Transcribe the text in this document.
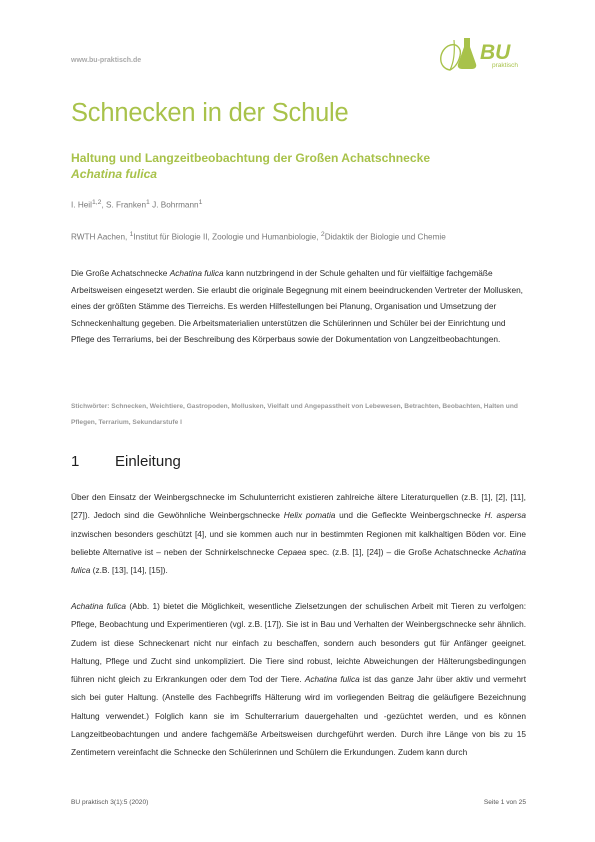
www.bu-praktisch.de	BU
praktisch
Schnecken in der Schule
Haltung und Langzeitbeobachtung der Großen Achatschnecke
Achatina fulica
I. Heil$^{1,2}$, S. Franken$^1$ J. Bohrmann$^1$
RWTH Aachen, $^1$Institut für Biologie II, Zoologie und Humanbiologie, $^2$Didaktik der Biologie und Chemie

Die Große Achatschnecke Achatina fulica kann nutzbringend in der Schule gehalten und für vielfältige fachgemäße Arbeitsweisen eingesetzt werden. Sie erlaubt die originale Begegnung mit einem beeindruckenden Vertreter der Mollusken, eines der größten Stämme des Tierreichs. Es werden Hilfestellungen bei Planung, Organisation und Umsetzung der Schneckenhaltung gegeben. Die Arbeitsmaterialien unterstützen die Schülerinnen und Schüler bei der Einrichtung und Pflege des Terrariums, bei der Beschreibung des Körperbaus sowie der Dokumentation von Langzeitbeobachtungen.

Stichwörter: Schnecken, Weichtiere, Gastropoden, Mollusken, Vielfalt und Angepasstheit von Lebewesen, Betrachten, Beobachten, Halten und Pflegen, Terrarium, Sekundarstufe I

1 Einleitung

Über den Einsatz der Weinbergschnecke im Schulunterricht existieren zahlreiche ältere Literaturquellen (z.B. [1], [2], [11], [27]). Jedoch sind die Gewöhnliche Weinbergschnecke Helix pomatia und die Gefleckte Weinbergschnecke H. aspersa inzwischen besonders geschützt [4], und sie kommen auch nur in bestimmten Regionen mit kalkhaltigen Böden vor. Eine beliebte Alternative ist – neben der Schnirkelschnecke Cepaea spec. (z.B. [1], [24]) – die Große Achatschnecke Achatina fulica (z.B. [13], [14], [15]).

Achatina fulica (Abb. 1) bietet die Möglichkeit, wesentliche Zielsetzungen der schulischen Arbeit mit Tieren zu verfolgen: Pflege, Beobachtung und Experimentieren (vgl. z.B. [17]). Sie ist in Bau und Verhalten der Weinbergschnecke sehr ähnlich. Zudem ist diese Schneckenart nicht nur einfach zu beschaffen, sondern auch besonders gut für Anfänger geeignet. Haltung, Pflege und Zucht sind unkompliziert. Die Tiere sind robust, leichte Abweichungen der Hälterungsbedingungen führen nicht gleich zu Erkrankungen oder dem Tod der Tiere. Achatina fulica ist das ganze Jahr über aktiv und vermehrt sich bei guter Haltung. (Anstelle des Fachbegriffs Hälterung wird im vorliegenden Beitrag die geläufigere Bezeichnung Haltung verwendet.) Folglich kann sie im Schulterrarium dauergehalten und -gezüchtet werden, und es können Langzeitbeobachtungen und andere fachgemäße Arbeitsweisen durchgeführt werden. Durch ihre Länge von bis zu 15 Zentimetern vereinfacht die Schnecke den Schülerinnen und Schülern die Erkundungen. Zudem kann durch

BU praktisch 3(1):5 (2020)	Seite 1 von 25
